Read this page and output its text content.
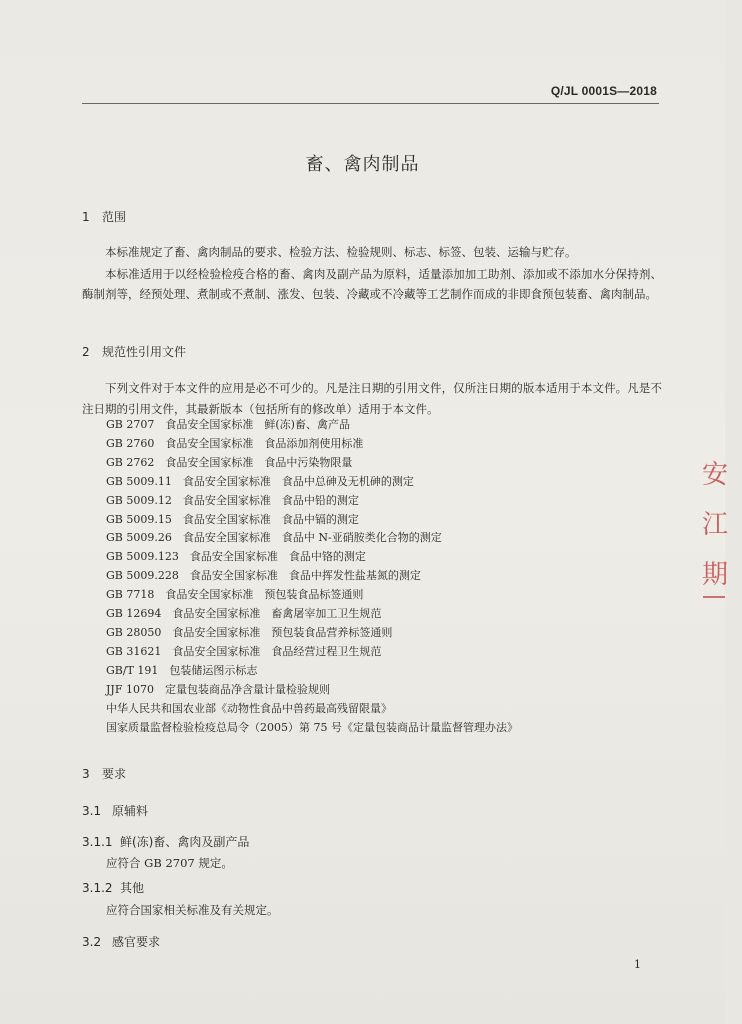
Q/JL 0001S—2018
畜、禽肉制品
1 范围
本标准规定了畜、禽肉制品的要求、检验方法、检验规则、标志、标签、包装、运输与贮存。
本标准适用于以经检验检疫合格的畜、禽肉及副产品为原料，适量添加加工助剂、添加或不添加水分保持剂、酶制剂等，经预处理、煮制或不煮制、涨发、包装、冷藏或不冷藏等工艺制作而成的非即食预包装畜、禽肉制品。
2 规范性引用文件
下列文件对于本文件的应用是必不可少的。凡是注日期的引用文件，仅所注日期的版本适用于本文件。凡是不注日期的引用文件，其最新版本（包括所有的修改单）适用于本文件。
GB 2707　 食品安全国家标准　鲜(冻)畜、禽产品
GB 2760　 食品安全国家标准　食品添加剂使用标准
GB 2762　 食品安全国家标准　食品中污染物限量
GB 5009.11　 食品安全国家标准　食品中总砷及无机砷的测定
GB 5009.12　 食品安全国家标准　食品中铅的测定
GB 5009.15　 食品安全国家标准　食品中镉的测定
GB 5009.26　 食品安全国家标准　食品中 N-亚硝胺类化合物的测定
GB 5009.123　 食品安全国家标准　食品中铬的测定
GB 5009.228　 食品安全国家标准　食品中挥发性盐基氮的测定
GB 7718　 食品安全国家标准　预包装食品标签通则
GB 12694　 食品安全国家标准　畜禽屠宰加工卫生规范
GB 28050　 食品安全国家标准　预包装食品营养标签通则
GB 31621　 食品安全国家标准　食品经营过程卫生规范
GB/T 191　 包装储运图示标志
JJF 1070　 定量包装商品净含量计量检验规则
中华人民共和国农业部《动物性食品中兽药最高残留限量》
国家质量监督检验检疫总局令（2005）第 75 号《定量包装商品计量监督管理办法》
3 要求
3.1 原辅料
3.1.1 鲜(冻)畜、禽肉及副产品
应符合 GB 2707 规定。
3.1.2 其他
应符合国家相关标准及有关规定。
3.2 感官要求
1
安
江
期
